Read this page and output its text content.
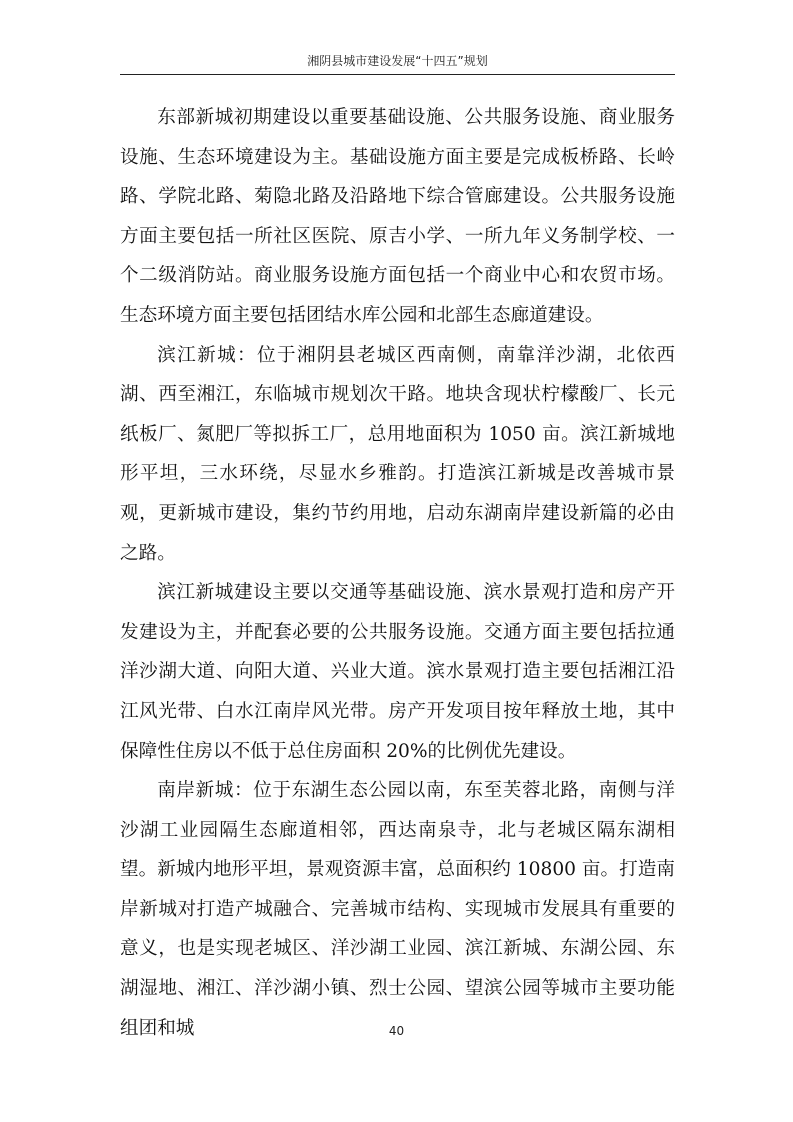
湘阴县城市建设发展“十四五”规划

东部新城初期建设以重要基础设施、公共服务设施、商业服务设施、生态环境建设为主。基础设施方面主要是完成板桥路、长岭路、学院北路、菊隐北路及沿路地下综合管廊建设。公共服务设施方面主要包括一所社区医院、原吉小学、一所九年义务制学校、一个二级消防站。商业服务设施方面包括一个商业中心和农贸市场。生态环境方面主要包括团结水库公园和北部生态廊道建设。

滨江新城：位于湘阴县老城区西南侧，南靠洋沙湖，北依西湖、西至湘江，东临城市规划次干路。地块含现状柠檬酸厂、长元纸板厂、氮肥厂等拟拆工厂，总用地面积为 1050 亩。滨江新城地形平坦，三水环绕，尽显水乡雅韵。打造滨江新城是改善城市景观，更新城市建设，集约节约用地，启动东湖南岸建设新篇的必由之路。

滨江新城建设主要以交通等基础设施、滨水景观打造和房产开发建设为主，并配套必要的公共服务设施。交通方面主要包括拉通洋沙湖大道、向阳大道、兴业大道。滨水景观打造主要包括湘江沿江风光带、白水江南岸风光带。房产开发项目按年释放土地，其中保障性住房以不低于总住房面积 20%的比例优先建设。

南岸新城：位于东湖生态公园以南，东至芙蓉北路，南侧与洋沙湖工业园隔生态廊道相邻，西达南泉寺，北与老城区隔东湖相望。新城内地形平坦，景观资源丰富，总面积约 10800 亩。打造南岸新城对打造产城融合、完善城市结构、实现城市发展具有重要的意义，也是实现老城区、洋沙湖工业园、滨江新城、东湖公园、东湖湿地、湘江、洋沙湖小镇、烈士公园、望滨公园等城市主要功能组团和城	40
